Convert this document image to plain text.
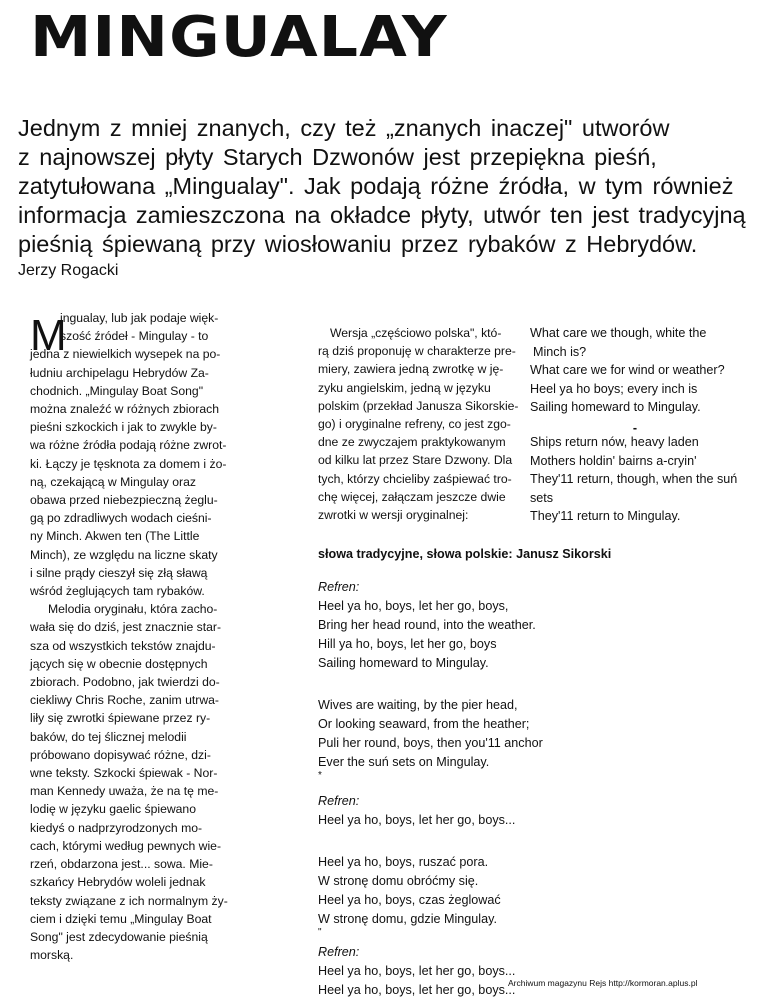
MINGUALAY

Jednym z mniej znanych, czy też „znanych inaczej" utworów

z najnowszej płyty Starych Dzwonów jest przepiękna pieśń,

zatytułowana „Mingualay". Jak podają różne źródła, w tym również

informacja zamieszczona na okładce płyty, utwór ten jest tradycyjną

pieśnią śpiewaną przy wiosłowaniu przez rybaków z Hebrydów.

Jerzy Rogacki
M

ingualay, lub jak podaje więk-

szość źródeł - Mingulay - to

jedna z niewielkich wysepek na po-

łudniu archipelagu Hebrydów Za-

chodnich. „Mingulay Boat Song"

można znaleźć w różnych zbiorach

pieśni szkockich i jak to zwykle by-

wa różne źródła podają różne zwrot-

ki. Łączy je tęsknota za domem i żo-

ną, czekającą w Mingulay oraz

obawa przed niebezpieczną żeglu-

gą po zdradliwych wodach cieśni-

ny Minch. Akwen ten (The Little

Minch), ze względu na liczne skaty

i silne prądy cieszył się złą sławą

wśród żeglujących tam rybaków.

Melodia oryginału, która zacho-

wała się do dziś, jest znacznie star-

sza od wszystkich tekstów znajdu-

jących się w obecnie dostępnych

zbiorach. Podobno, jak twierdzi do-

ciekliwy Chris Roche, zanim utrwa-

liły się zwrotki śpiewane przez ry-

baków, do tej ślicznej melodii

próbowano dopisywać różne, dzi-

wne teksty. Szkocki śpiewak - Nor-

man Kennedy uważa, że na tę me-

lodię w języku gaelic śpiewano

kiedyś o nadprzyrodzonych mo-

cach, którymi według pewnych wie-

rzeń, obdarzona jest... sowa. Mie-

szkańcy Hebrydów woleli jednak

teksty związane z ich normalnym ży-

ciem i dzięki temu „Mingulay Boat

Song" jest zdecydowanie pieśnią

morską.

Wersja „częściowo polska", któ-

rą dziś proponuję w charakterze pre-

miery, zawiera jedną zwrotkę w ję-

zyku angielskim, jedną w języku

polskim (przekład Janusza Sikorskie-

go) i oryginalne refreny, co jest zgo-

dne ze zwyczajem praktykowanym

od kilku lat przez Stare Dzwony. Dla

tych, którzy chcieliby zaśpiewać tro-

chę więcej, załączam jeszcze dwie

zwrotki w wersji oryginalnej:

What care we though, white the

Minch is?

What care we for wind or weather?

Heel ya ho boys; every inch is

Sailing homeward to Mingulay.

-

Ships return nów, heavy laden

Mothers holdin' bairns a-cryin'

They'11 return, though, when the suń

sets

They'11 return to Mingulay.

słowa tradycyjne, słowa polskie: Janusz Sikorski

Refren:

Heel ya ho, boys, let her go, boys,

Bring her head round, into the weather.

Hill ya ho, boys, let her go, boys

Sailing homeward to Mingulay.

Wives are waiting, by the pier head,

Or looking seaward, from the heather;

Puli her round, boys, then you'11 anchor

Ever the suń sets on Mingulay.

*

Refren:

Heel ya ho, boys, let her go, boys...

Heel ya ho, boys, ruszać pora.

W stronę domu obróćmy się.

Heel ya ho, boys, czas żeglować

W stronę domu, gdzie Mingulay.

"

Refren:

Heel ya ho, boys, let her go, boys...

Heel ya ho, boys, let her go, boys...

Archiwum magazynu Rejs http://kormoran.aplus.pl
